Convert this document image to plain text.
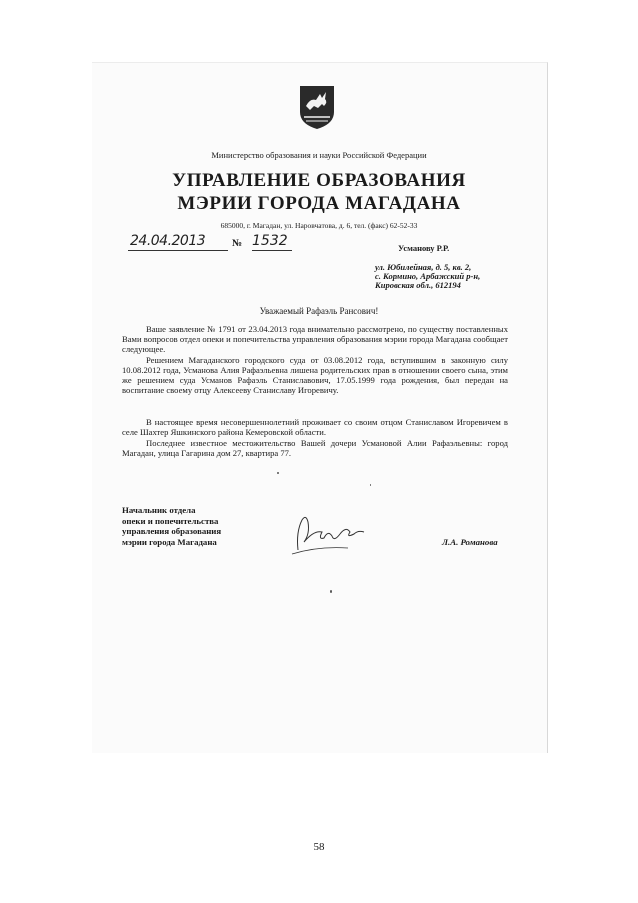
Министерство образования и науки Российской Федерации
УПРАВЛЕНИЕ ОБРАЗОВАНИЯ
МЭРИИ ГОРОДА МАГАДАНА
685000, г. Магадан, ул. Наровчатова, д. 6, тел. (факс) 62-52-33
24.04.2013	№ 1532	Усманову Р.Р.
ул. Юбилейная, д. 5, кв. 2,
с. Кормино, Арбажский р-н,
Кировская обл., 612194
Уважаемый Рафаэль Рансович!
Ваше заявление № 1791 от 23.04.2013 года внимательно рассмотрено, по существу поставленных Вами вопросов отдел опеки и попечительства управления образования мэрии города Магадана сообщает следующее.
Решением Магаданского городского суда от 03.08.2012 года, вступившим в законную силу 10.08.2012 года, Усманова Алия Рафаэльевна лишена родительских прав в отношении своего сына, этим же решением суда Усманов Рафаэль Станиславович, 17.05.1999 года рождения, был передан на воспитание своему отцу Алексееву Станиславу Игоревичу.
В настоящее время несовершеннолетний проживает со своим отцом Станиславом Игоревичем в селе Шахтер Яшкинского района Кемеровской области.
Последнее известное местожительство Вашей дочери Усмановой Алии Рафаэльевны: город Магадан, улица Гагарина дом 27, квартира 77.
Начальник отдела
опеки и попечительства
управления образования
мэрии города Магадана	Л.А. Романова
58
